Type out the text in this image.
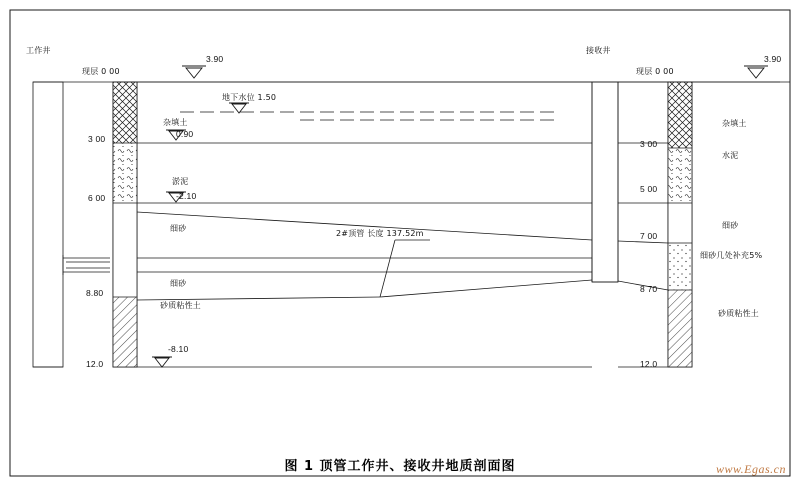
工作井	接收井
现层 0 00	现层 0 00
3.90	3.90
地下水位 1.50
3 00
6 00
8.80
12.0
3 00
5 00
7 00
8 70
12.0
杂填土
0.90
淤泥
-2.10
细砂
细砂
砂质粘性土
-8.10
杂填土
水泥
细砂
细砂几处补充5%
砂质粘性土
2#顶管 长度 137.52m
图 1 顶管工作井、接收井地质剖面图	www.Egas.cn
